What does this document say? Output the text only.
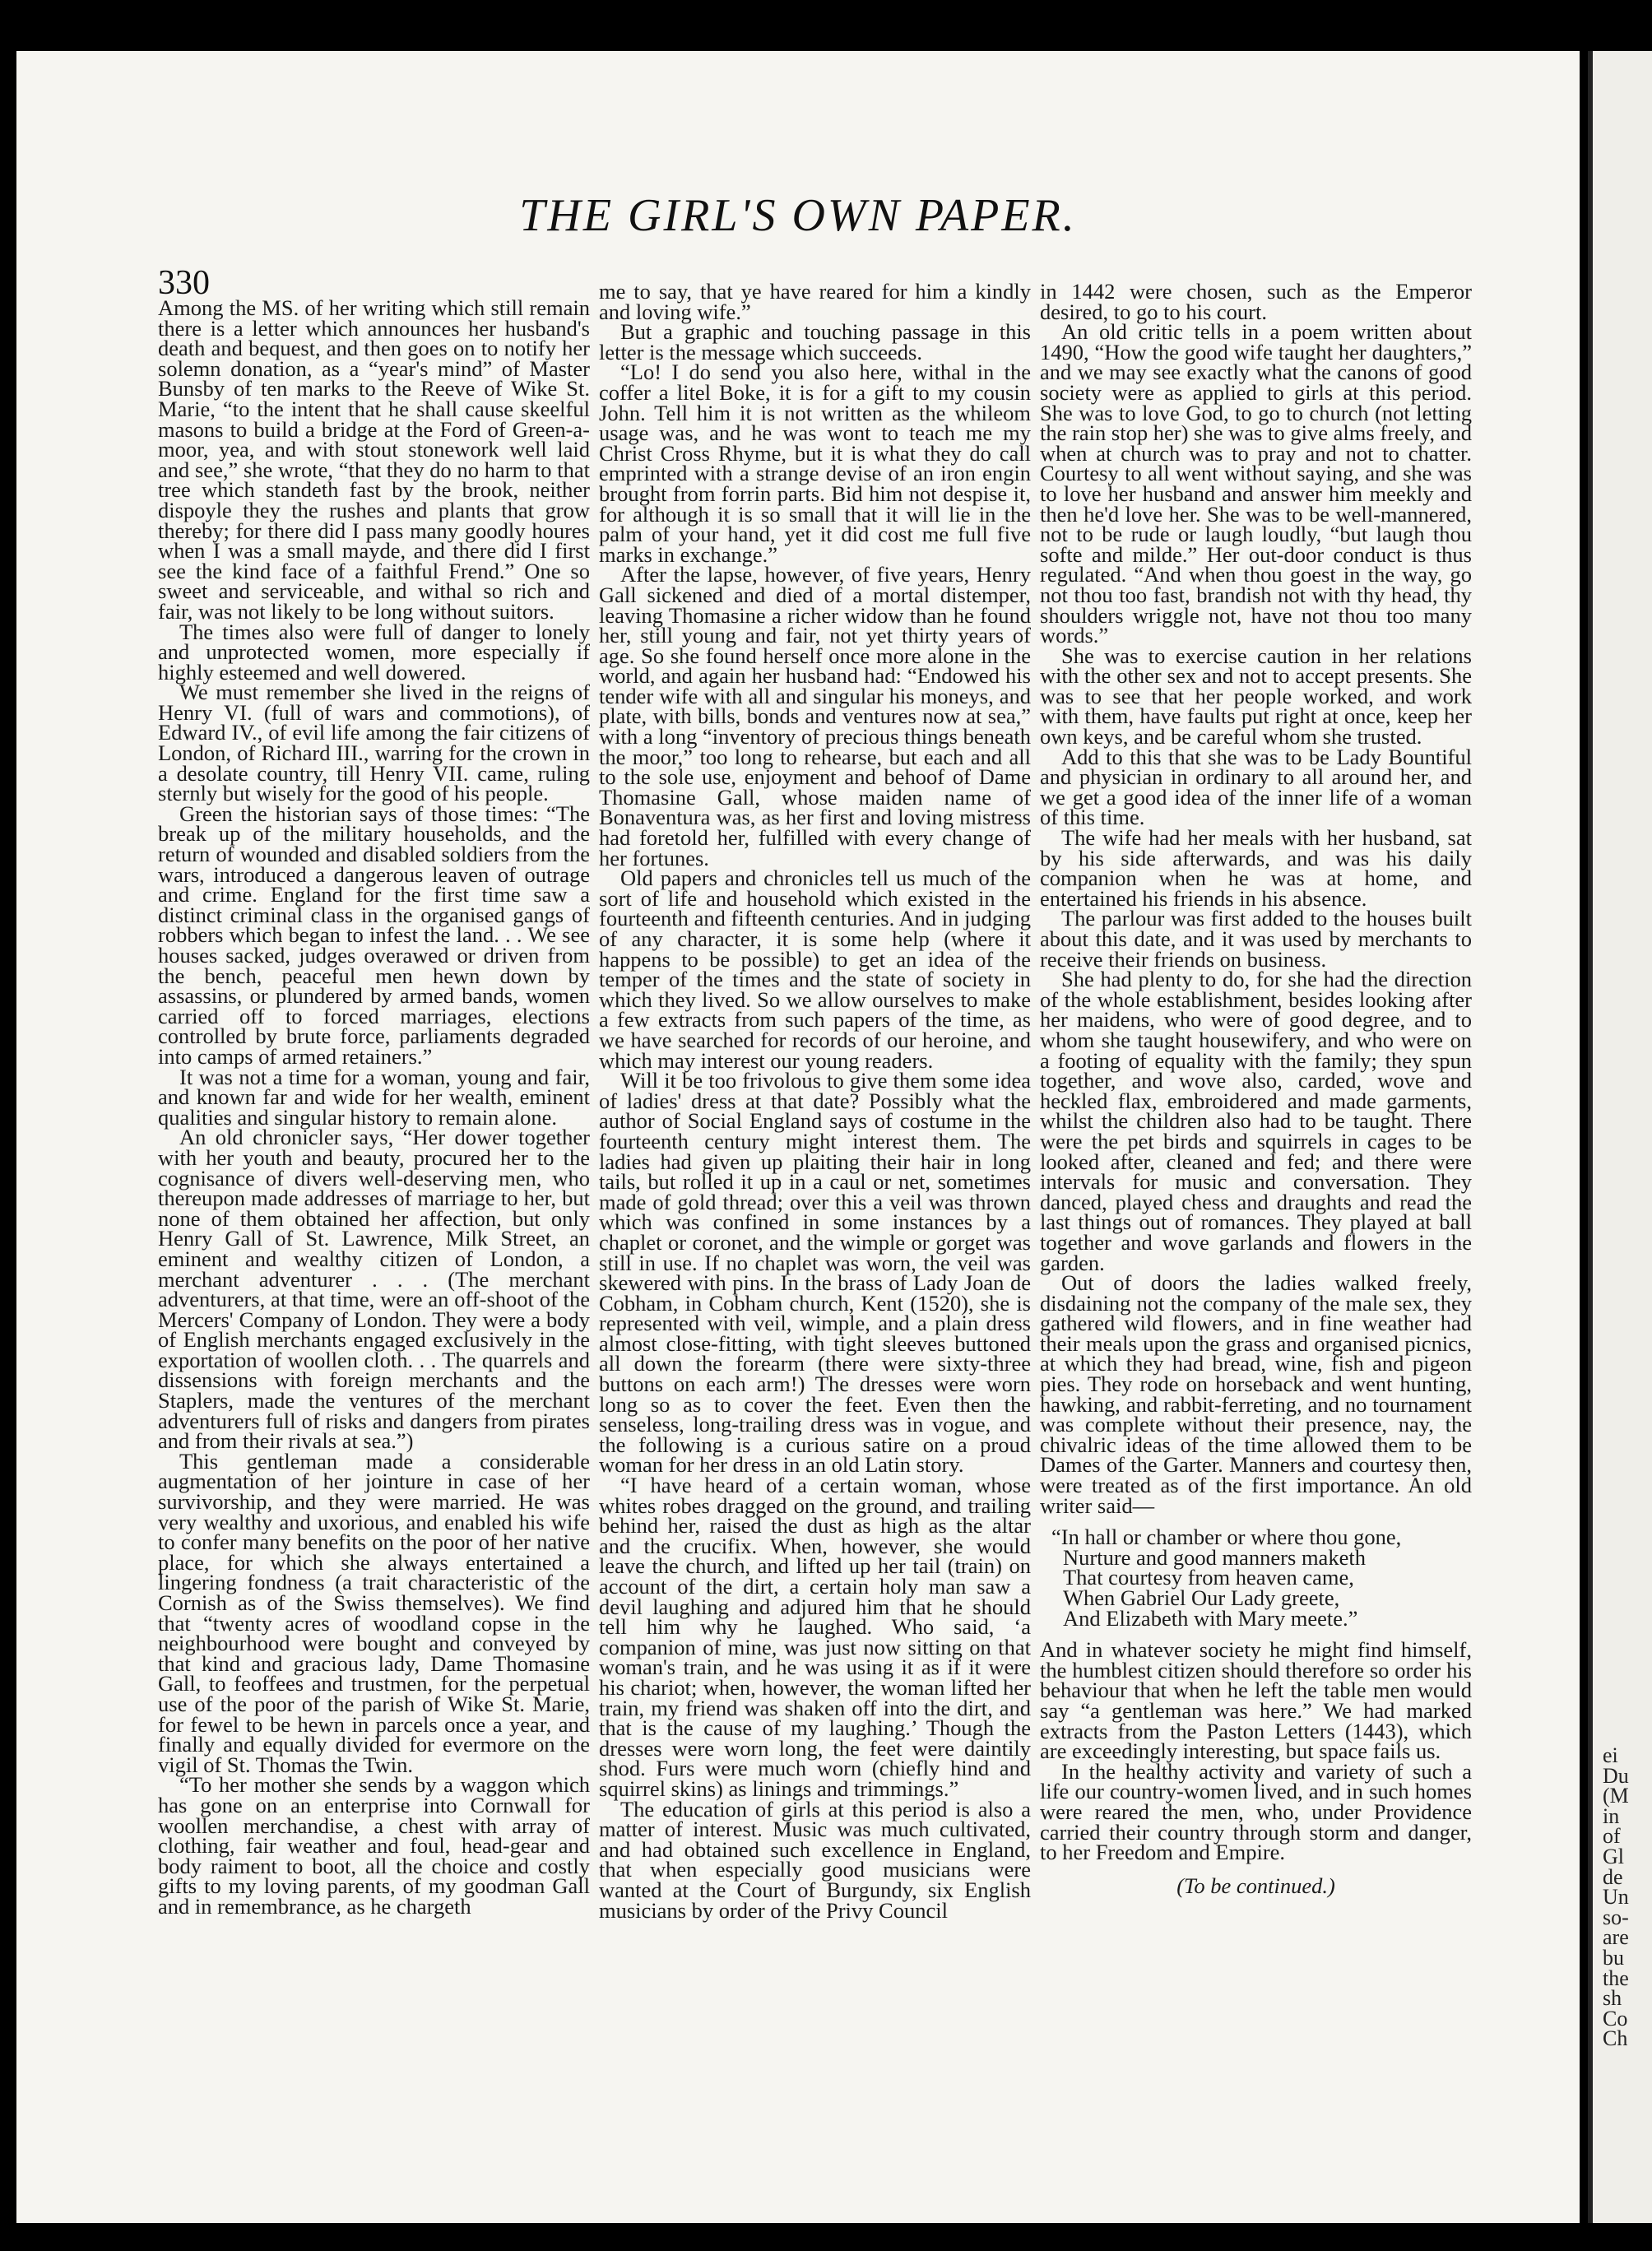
THE GIRL'S OWN PAPER.
330

Among the MS. of her writing which still remain there is a letter which announces her husband's death and bequest, and then goes on to notify her solemn donation, as a “year's mind” of Master Bunsby of ten marks to the Reeve of Wike St. Marie, “to the intent that he shall cause skeelful masons to build a bridge at the Ford of Green-a-moor, yea, and with stout stonework well laid and see,” she wrote, “that they do no harm to that tree which standeth fast by the brook, neither dispoyle they the rushes and plants that grow thereby; for there did I pass many goodly houres when I was a small mayde, and there did I first see the kind face of a faithful Frend.” One so sweet and serviceable, and withal so rich and fair, was not likely to be long without suitors.

The times also were full of danger to lonely and unprotected women, more especially if highly esteemed and well dowered.

We must remember she lived in the reigns of Henry VI. (full of wars and commotions), of Edward IV., of evil life among the fair citizens of London, of Richard III., warring for the crown in a desolate country, till Henry VII. came, ruling sternly but wisely for the good of his people.

Green the historian says of those times: “The break up of the military households, and the return of wounded and disabled soldiers from the wars, introduced a dangerous leaven of outrage and crime. England for the first time saw a distinct criminal class in the organised gangs of robbers which began to infest the land. . . We see houses sacked, judges overawed or driven from the bench, peaceful men hewn down by assassins, or plundered by armed bands, women carried off to forced marriages, elections controlled by brute force, parliaments degraded into camps of armed retainers.”

It was not a time for a woman, young and fair, and known far and wide for her wealth, eminent qualities and singular history to remain alone.

An old chronicler says, “Her dower together with her youth and beauty, procured her to the cognisance of divers well-deserving men, who thereupon made addresses of marriage to her, but none of them obtained her affection, but only Henry Gall of St. Lawrence, Milk Street, an eminent and wealthy citizen of London, a merchant adventurer . . . (The merchant adventurers, at that time, were an off-shoot of the Mercers' Company of London. They were a body of English merchants engaged exclusively in the exportation of woollen cloth. . . The quarrels and dissensions with foreign merchants and the Staplers, made the ventures of the merchant adventurers full of risks and dangers from pirates and from their rivals at sea.”)

This gentleman made a considerable augmentation of her jointure in case of her survivorship, and they were married. He was very wealthy and uxorious, and enabled his wife to confer many benefits on the poor of her native place, for which she always entertained a lingering fondness (a trait characteristic of the Cornish as of the Swiss themselves). We find that “twenty acres of woodland copse in the neighbourhood were bought and conveyed by that kind and gracious lady, Dame Thomasine Gall, to feoffees and trustmen, for the perpetual use of the poor of the parish of Wike St. Marie, for fewel to be hewn in parcels once a year, and finally and equally divided for evermore on the vigil of St. Thomas the Twin.

“To her mother she sends by a waggon which has gone on an enterprise into Cornwall for woollen merchandise, a chest with array of clothing, fair weather and foul, head-gear and body raiment to boot, all the choice and costly gifts to my loving parents, of my goodman Gall and in remembrance, as he chargeth

me to say, that ye have reared for him a kindly and loving wife.”

But a graphic and touching passage in this letter is the message which succeeds.

“Lo! I do send you also here, withal in the coffer a litel Boke, it is for a gift to my cousin John. Tell him it is not written as the whileom usage was, and he was wont to teach me my Christ Cross Rhyme, but it is what they do call emprinted with a strange devise of an iron engin brought from forrin parts. Bid him not despise it, for although it is so small that it will lie in the palm of your hand, yet it did cost me full five marks in exchange.”

After the lapse, however, of five years, Henry Gall sickened and died of a mortal distemper, leaving Thomasine a richer widow than he found her, still young and fair, not yet thirty years of age. So she found herself once more alone in the world, and again her husband had: “Endowed his tender wife with all and singular his moneys, and plate, with bills, bonds and ventures now at sea,” with a long “inventory of precious things beneath the moor,” too long to rehearse, but each and all to the sole use, enjoyment and behoof of Dame Thomasine Gall, whose maiden name of Bonaventura was, as her first and loving mistress had foretold her, fulfilled with every change of her fortunes.

Old papers and chronicles tell us much of the sort of life and household which existed in the fourteenth and fifteenth centuries. And in judging of any character, it is some help (where it happens to be possible) to get an idea of the temper of the times and the state of society in which they lived. So we allow ourselves to make a few extracts from such papers of the time, as we have searched for records of our heroine, and which may interest our young readers.

Will it be too frivolous to give them some idea of ladies' dress at that date? Possibly what the author of Social England says of costume in the fourteenth century might interest them. The ladies had given up plaiting their hair in long tails, but rolled it up in a caul or net, sometimes made of gold thread; over this a veil was thrown which was confined in some instances by a chaplet or coronet, and the wimple or gorget was still in use. If no chaplet was worn, the veil was skewered with pins. In the brass of Lady Joan de Cobham, in Cobham church, Kent (1520), she is represented with veil, wimple, and a plain dress almost close-fitting, with tight sleeves buttoned all down the forearm (there were sixty-three buttons on each arm!) The dresses were worn long so as to cover the feet. Even then the senseless, long-trailing dress was in vogue, and the following is a curious satire on a proud woman for her dress in an old Latin story.

“I have heard of a certain woman, whose whites robes dragged on the ground, and trailing behind her, raised the dust as high as the altar and the crucifix. When, however, she would leave the church, and lifted up her tail (train) on account of the dirt, a certain holy man saw a devil laughing and adjured him that he should tell him why he laughed. Who said, ‘a companion of mine, was just now sitting on that woman's train, and he was using it as if it were his chariot; when, however, the woman lifted her train, my friend was shaken off into the dirt, and that is the cause of my laughing.’ Though the dresses were worn long, the feet were daintily shod. Furs were much worn (chiefly hind and squirrel skins) as linings and trimmings.”

The education of girls at this period is also a matter of interest. Music was much cultivated, and had obtained such excellence in England, that when especially good musicians were wanted at the Court of Burgundy, six English musicians by order of the Privy Council

in 1442 were chosen, such as the Emperor desired, to go to his court.

An old critic tells in a poem written about 1490, “How the good wife taught her daughters,” and we may see exactly what the canons of good society were as applied to girls at this period. She was to love God, to go to church (not letting the rain stop her) she was to give alms freely, and when at church was to pray and not to chatter. Courtesy to all went without saying, and she was to love her husband and answer him meekly and then he'd love her. She was to be well-mannered, not to be rude or laugh loudly, “but laugh thou softe and milde.” Her out-door conduct is thus regulated. “And when thou goest in the way, go not thou too fast, brandish not with thy head, thy shoulders wriggle not, have not thou too many words.”

She was to exercise caution in her relations with the other sex and not to accept presents. She was to see that her people worked, and work with them, have faults put right at once, keep her own keys, and be careful whom she trusted.

Add to this that she was to be Lady Bountiful and physician in ordinary to all around her, and we get a good idea of the inner life of a woman of this time.

The wife had her meals with her husband, sat by his side afterwards, and was his daily companion when he was at home, and entertained his friends in his absence.

The parlour was first added to the houses built about this date, and it was used by merchants to receive their friends on business.

She had plenty to do, for she had the direction of the whole establishment, besides looking after her maidens, who were of good degree, and to whom she taught housewifery, and who were on a footing of equality with the family; they spun together, and wove also, carded, wove and heckled flax, embroidered and made garments, whilst the children also had to be taught. There were the pet birds and squirrels in cages to be looked after, cleaned and fed; and there were intervals for music and conversation. They danced, played chess and draughts and read the last things out of romances. They played at ball together and wove garlands and flowers in the garden.

Out of doors the ladies walked freely, disdaining not the company of the male sex, they gathered wild flowers, and in fine weather had their meals upon the grass and organised picnics, at which they had bread, wine, fish and pigeon pies. They rode on horseback and went hunting, hawking, and rabbit-ferreting, and no tournament was complete without their presence, nay, the chivalric ideas of the time allowed them to be Dames of the Garter. Manners and courtesy then, were treated as of the first importance. An old writer said—

“In hall or chamber or where thou gone,
Nurture and good manners maketh
That courtesy from heaven came,
When Gabriel Our Lady greete,
And Elizabeth with Mary meete.”

And in whatever society he might find himself, the humblest citizen should therefore so order his behaviour that when he left the table men would say “a gentleman was here.” We had marked extracts from the Paston Letters (1443), which are exceedingly interesting, but space fails us.

In the healthy activity and variety of such a life our country-women lived, and in such homes were reared the men, who, under Providence carried their country through storm and danger, to her Freedom and Empire.

(To be continued.)
ei
Du
(M
in
of
Gl
de
Un
so-
are
bu
the
sh
Co
Ch
